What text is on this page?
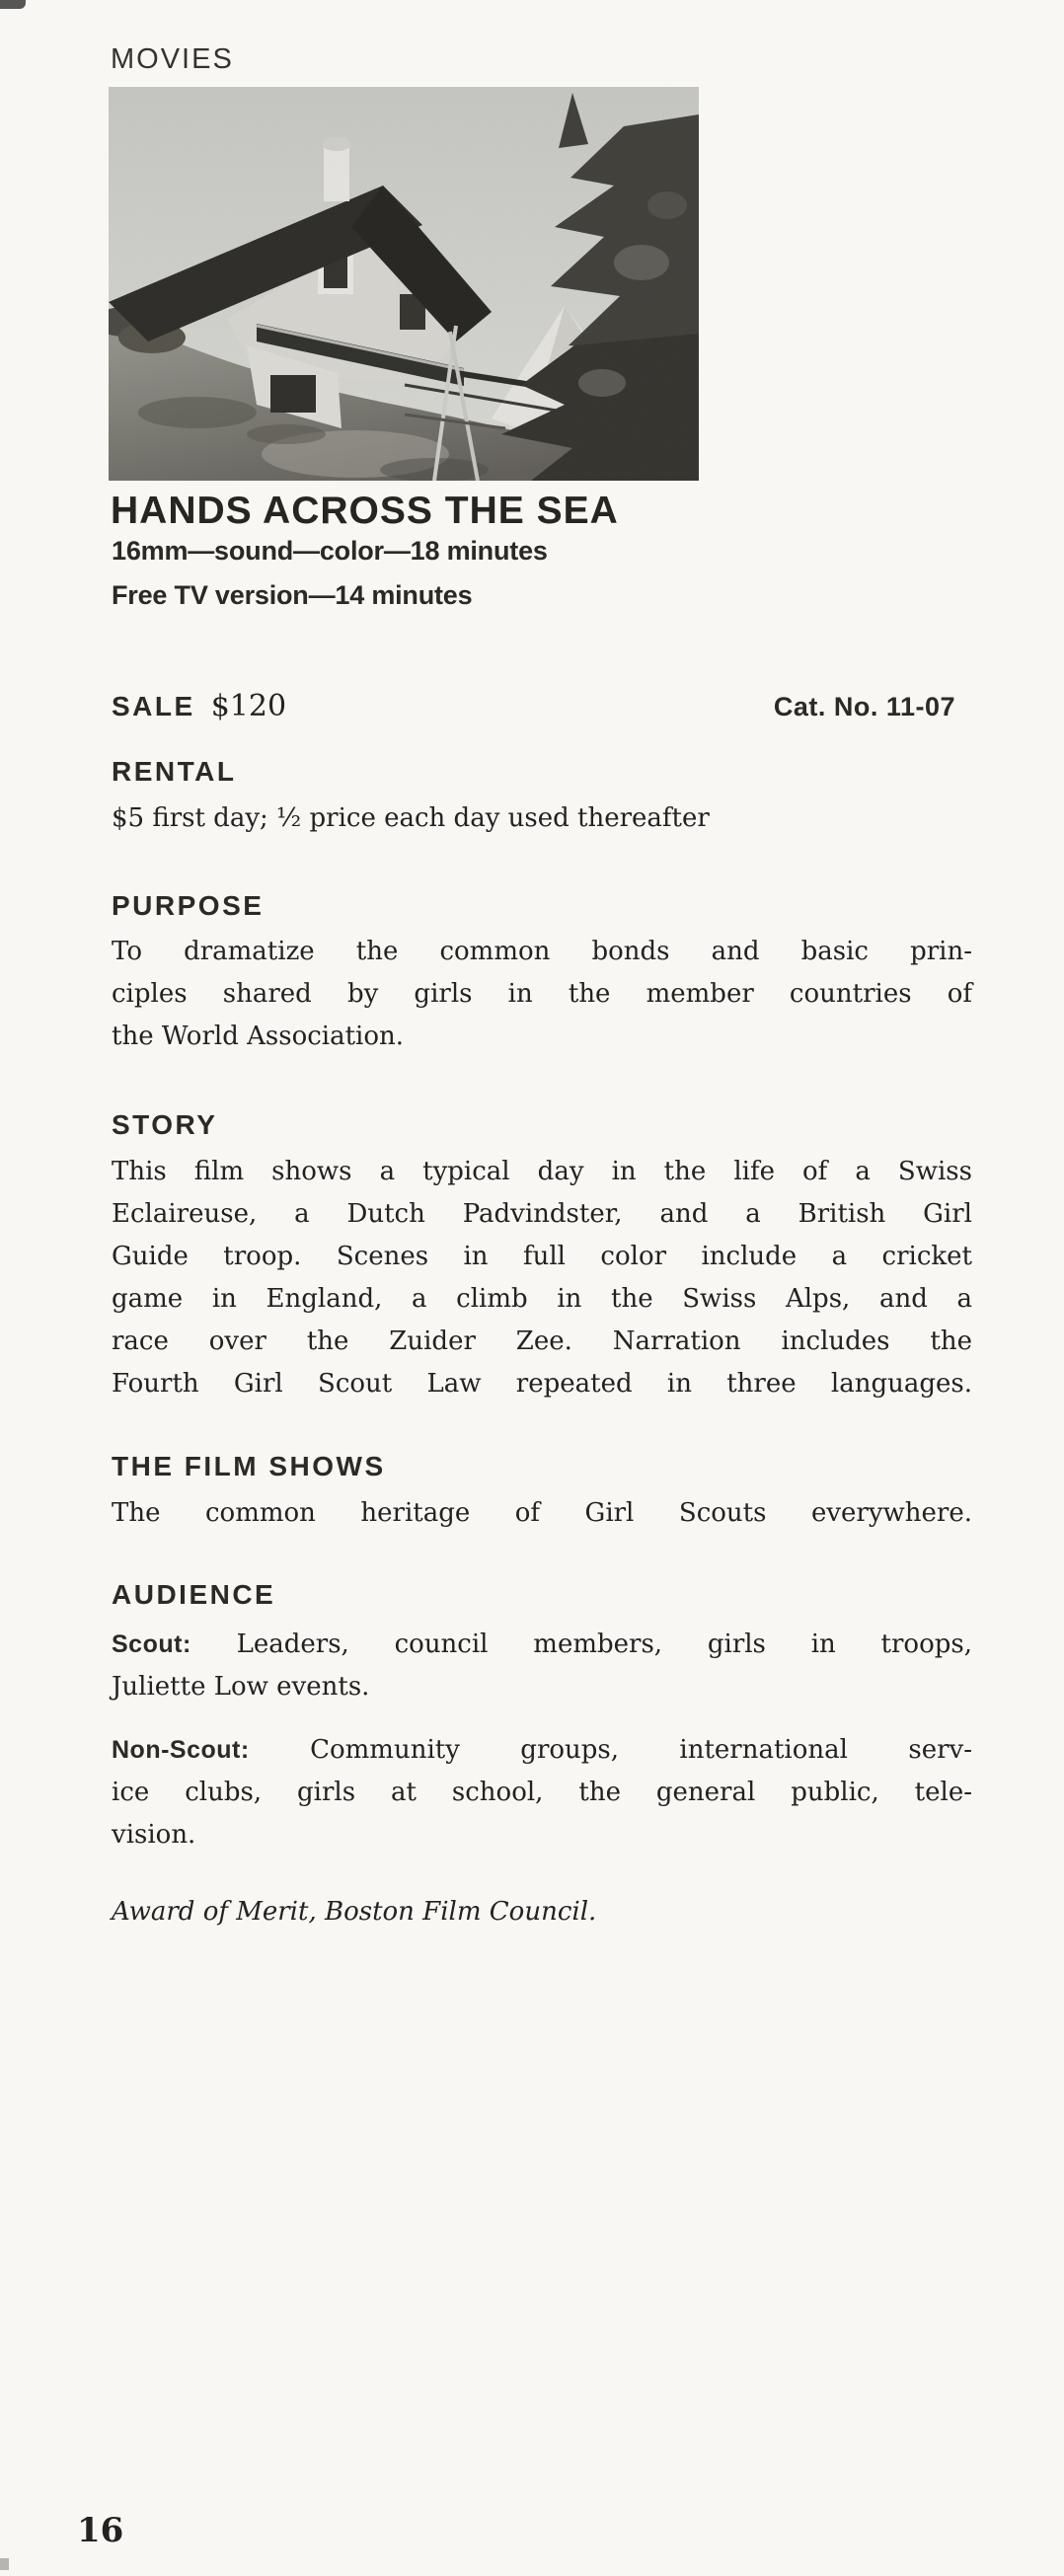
MOVIES
HANDS ACROSS THE SEA
16mm—sound—color—18 minutes
Free TV version—14 minutes
SALE $120	Cat. No. 11-07
RENTAL
$5 first day; ½ price each day used thereafter
PURPOSE
To dramatize the common bonds and basic prin-
ciples shared by girls in the member countries of
the World Association.
STORY
This film shows a typical day in the life of a Swiss
Eclaireuse, a Dutch Padvindster, and a British Girl
Guide troop. Scenes in full color include a cricket
game in England, a climb in the Swiss Alps, and a
race over the Zuider Zee. Narration includes the
Fourth Girl Scout Law repeated in three languages.
THE FILM SHOWS
The common heritage of Girl Scouts everywhere.
AUDIENCE
Scout: Leaders, council members, girls in troops,
Juliette Low events.
Non-Scout: Community groups, international serv-
ice clubs, girls at school, the general public, tele-
vision.
Award of Merit, Boston Film Council.
16
